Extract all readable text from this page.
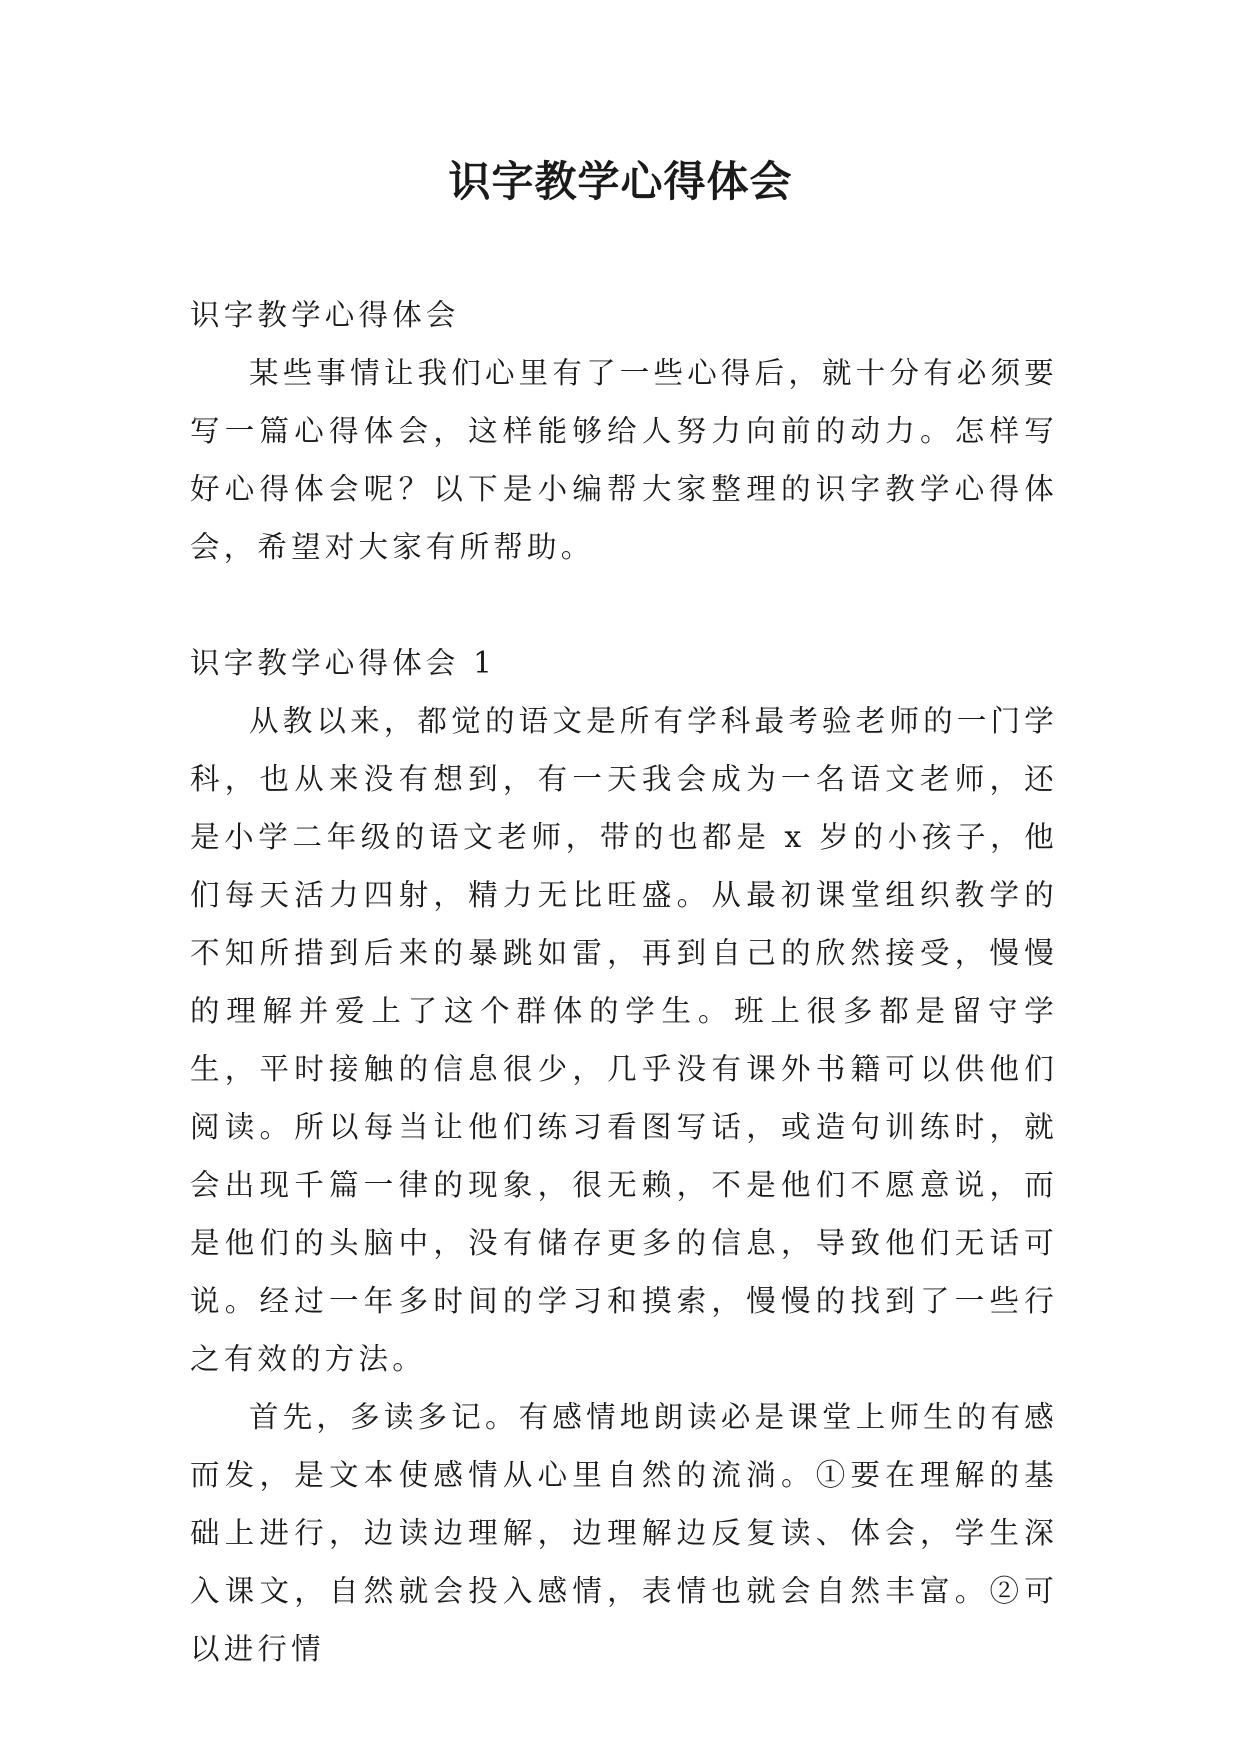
识字教学心得体会

识字教学心得体会

某些事情让我们心里有了一些心得后，就十分有必须要写一篇心得体会，这样能够给人努力向前的动力。怎样写好心得体会呢？以下是小编帮大家整理的识字教学心得体会，希望对大家有所帮助。

识字教学心得体会 1

从教以来，都觉的语文是所有学科最考验老师的一门学科，也从来没有想到，有一天我会成为一名语文老师，还是小学二年级的语文老师，带的也都是 x 岁的小孩子，他们每天活力四射，精力无比旺盛。从最初课堂组织教学的不知所措到后来的暴跳如雷，再到自己的欣然接受，慢慢的理解并爱上了这个群体的学生。班上很多都是留守学生，平时接触的信息很少，几乎没有课外书籍可以供他们阅读。所以每当让他们练习看图写话，或造句训练时，就会出现千篇一律的现象，很无赖，不是他们不愿意说，而是他们的头脑中，没有储存更多的信息，导致他们无话可说。经过一年多时间的学习和摸索，慢慢的找到了一些行之有效的方法。

首先，多读多记。有感情地朗读必是课堂上师生的有感而发，是文本使感情从心里自然的流淌。①要在理解的基础上进行，边读边理解，边理解边反复读、体会，学生深入课文，自然就会投入感情，表情也就会自然丰富。②可以进行情
